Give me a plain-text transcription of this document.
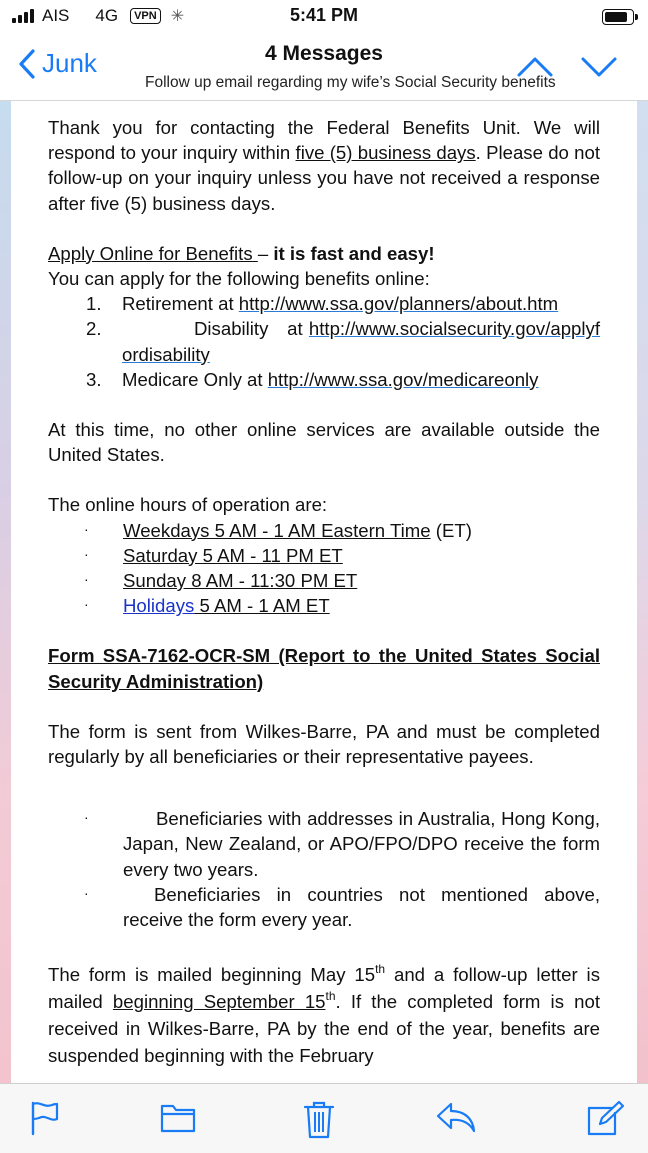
AIS 4G	VPN ✳	5:41 PM
Junk	4 Messages
Follow up email regarding my wife’s Social Security benefits

Thank you for contacting the Federal Benefits Unit. We will respond to your inquiry within five (5) business days. Please do not follow-up on your inquiry unless you have not received a response after five (5) business days.

Apply Online for Benefits – it is fast and easy!
You can apply for the following benefits online:
1. Retirement at http://www.ssa.gov/planners/about.htm
2.	Disability   at http://www.socialsecurity.gov/applyfordisability
3. Medicare Only at http://www.ssa.gov/medicareonly

At this time, no other online services are available outside the United States.

The online hours of operation are:
· Weekdays 5 AM - 1 AM Eastern Time (ET)
· Saturday 5 AM - 11 PM ET
· Sunday 8 AM - 11:30 PM ET
· Holidays 5 AM - 1 AM ET

Form SSA-7162-OCR-SM (Report to the United States Social Security Administration)

The form is sent from Wilkes-Barre, PA and must be completed regularly by all beneficiaries or their representative payees.

·	Beneficiaries with addresses in Australia, Hong Kong, Japan, New Zealand, or APO/FPO/DPO receive the form every two years.
·	Beneficiaries in countries not mentioned above, receive the form every year.

The form is mailed beginning May 15th and a follow-up letter is mailed beginning September 15th. If the completed form is not received in Wilkes-Barre, PA by the end of the year, benefits are suspended beginning with the February
